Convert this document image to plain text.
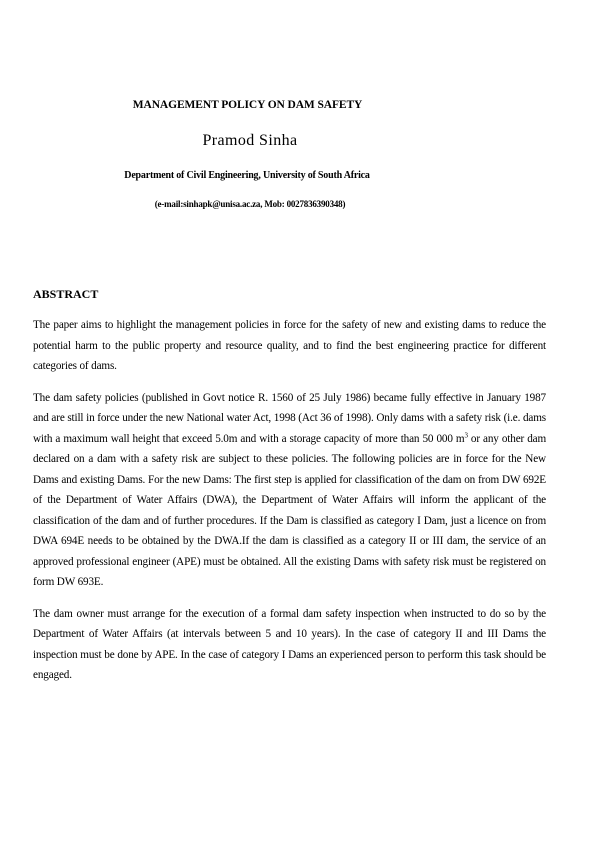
MANAGEMENT POLICY ON DAM SAFETY
Pramod Sinha
Department of Civil Engineering, University of South Africa
(e-mail:sinhapk@unisa.ac.za, Mob: 0027836390348)
ABSTRACT

The paper aims to highlight the management policies in force for the safety of new and existing dams to reduce the potential harm to the public property and resource quality, and to find the best engineering practice for different categories of dams.

The dam safety policies (published in Govt notice R. 1560 of 25 July 1986) became fully effective in January 1987 and are still in force under the new National water Act, 1998 (Act 36 of 1998). Only dams with a safety risk (i.e. dams with a maximum wall height that exceed 5.0m and with a storage capacity of more than 50 000 $m^3$ or any other dam declared on a dam with a safety risk are subject to these policies. The following policies are in force for the New Dams and existing Dams. For the new Dams: The first step is applied for classification of the dam on from DW 692E of the Department of Water Affairs (DWA), the Department of Water Affairs will inform the applicant of the classification of the dam and of further procedures. If the Dam is classified as category I Dam, just a licence on from DWA 694E needs to be obtained by the DWA.If the dam is classified as a category II or III dam, the service of an approved professional engineer (APE) must be obtained. All the existing Dams with safety risk must be registered on form DW 693E.

The dam owner must arrange for the execution of a formal dam safety inspection when instructed to do so by the Department of Water Affairs (at intervals between 5 and 10 years). In the case of category II and III Dams the inspection must be done by APE. In the case of category I Dams an experienced person to perform this task should be engaged.
